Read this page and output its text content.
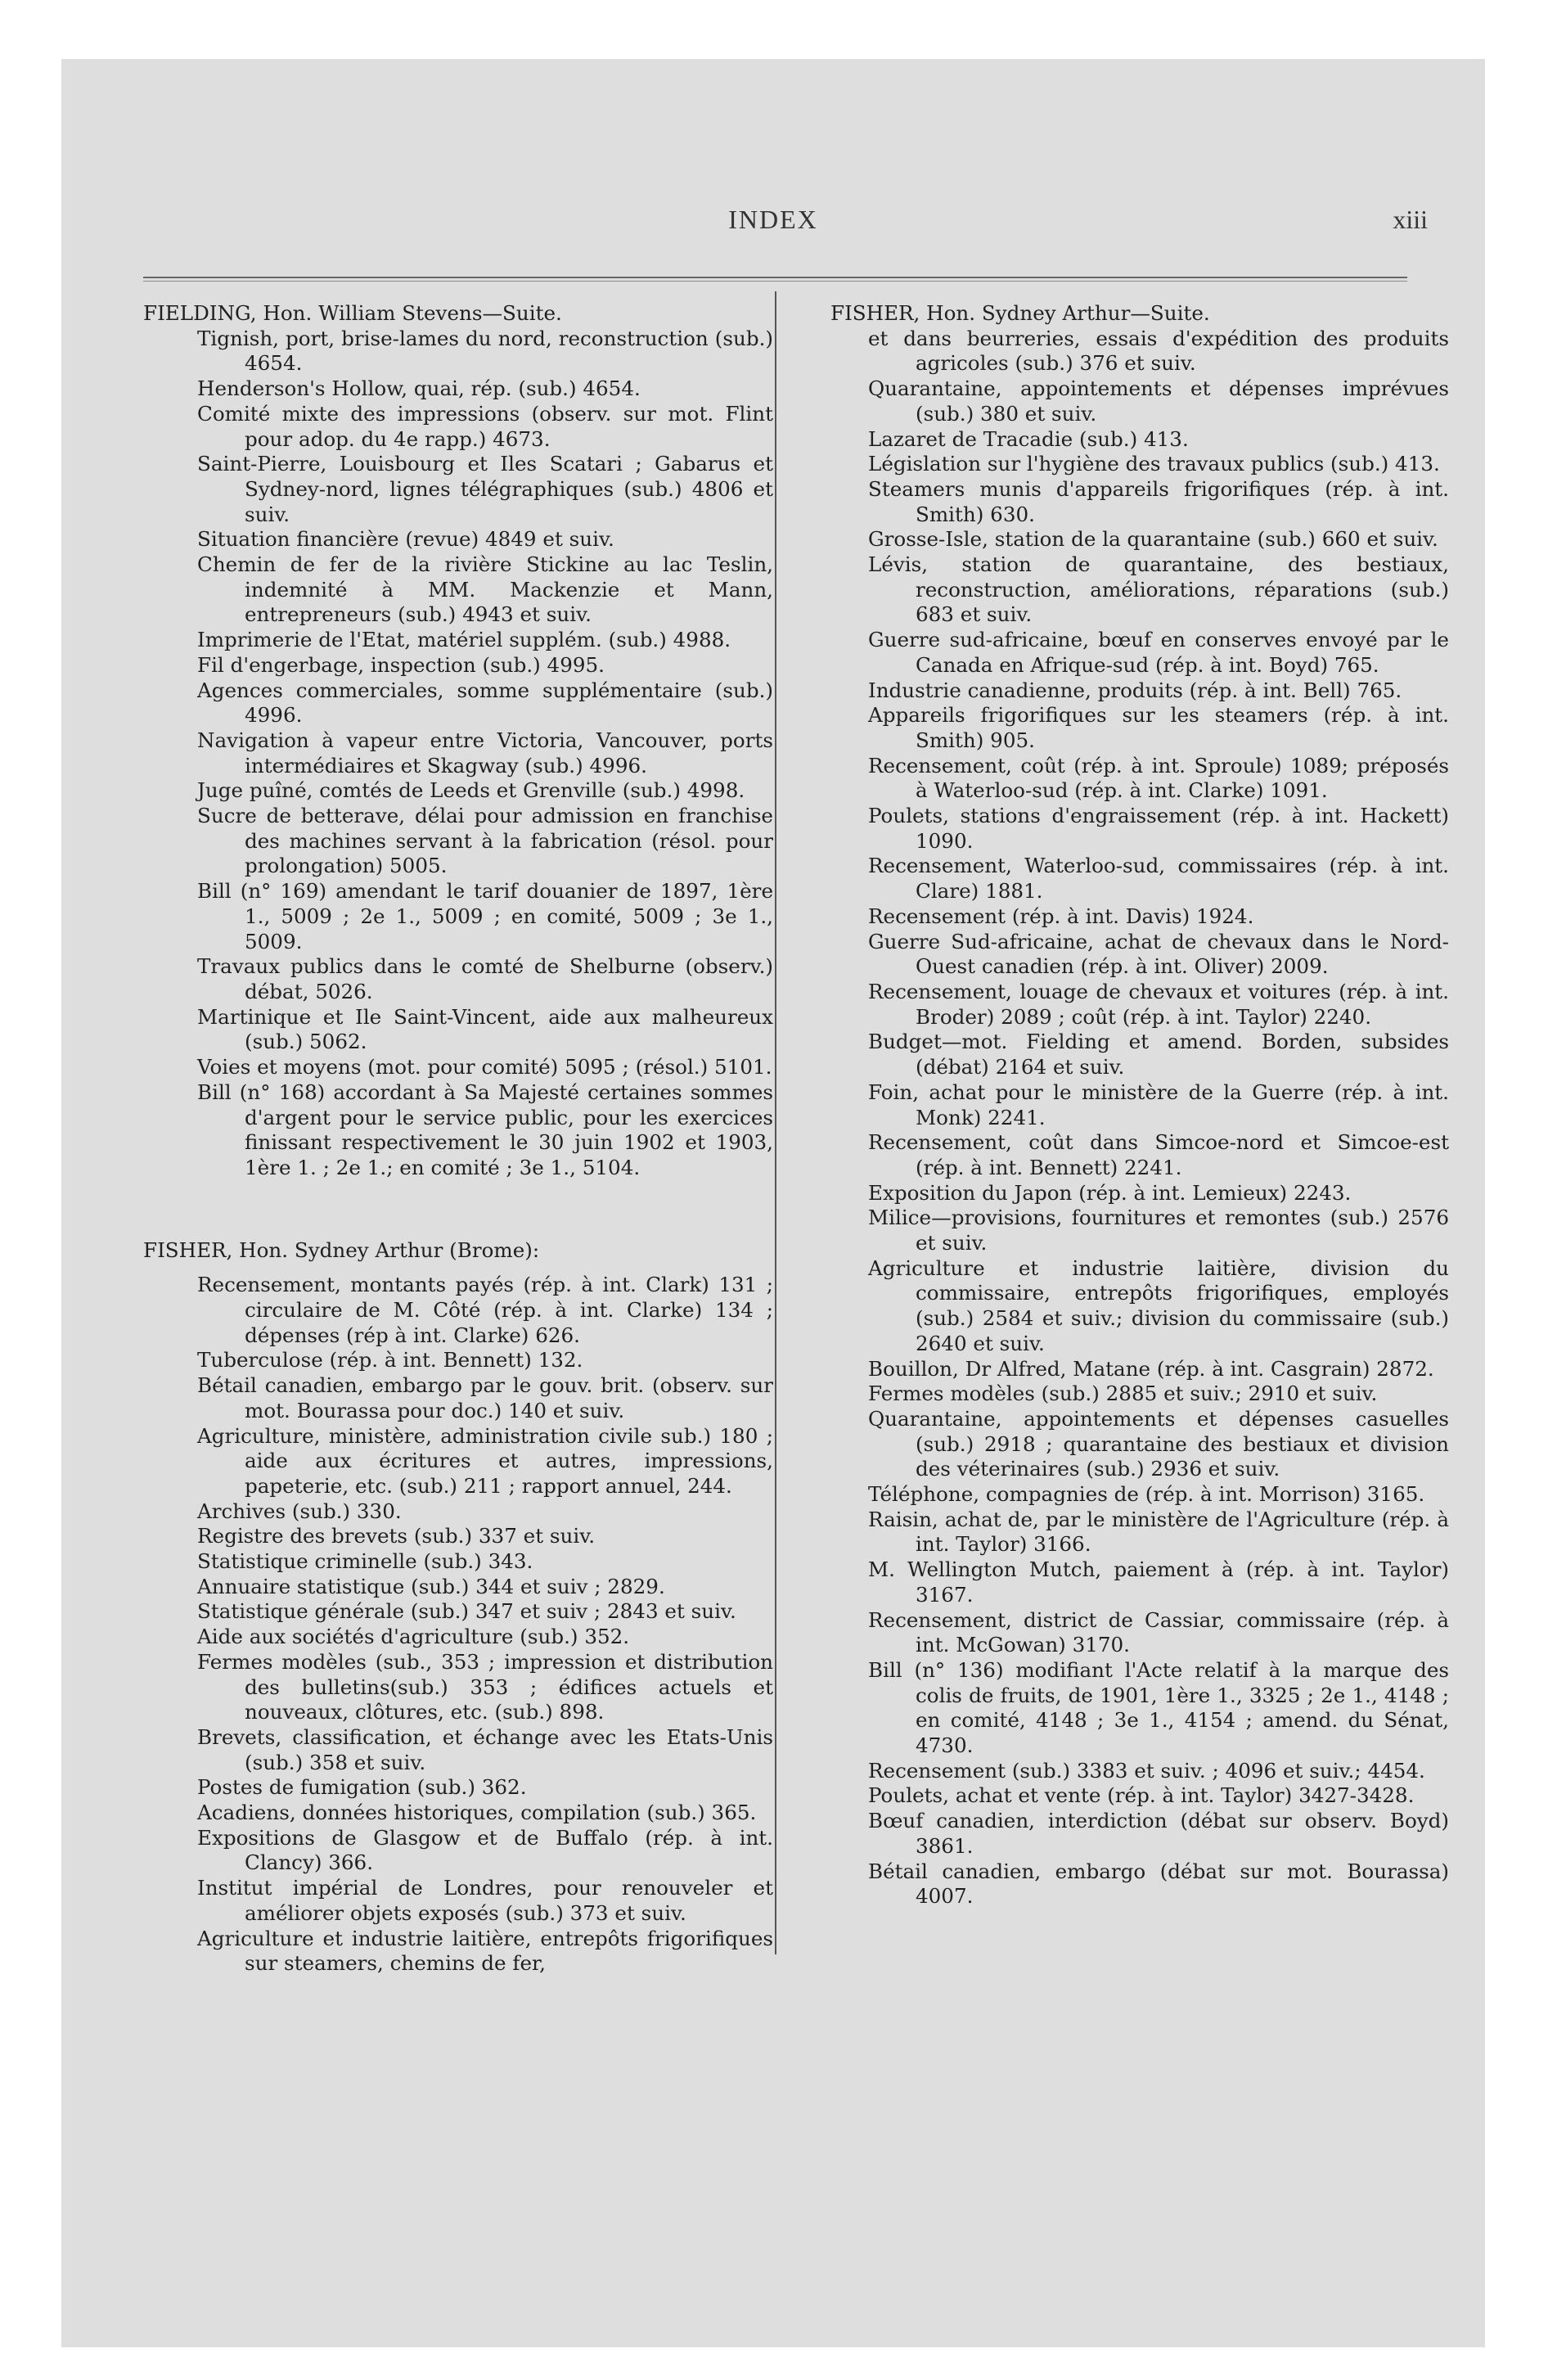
INDEX	xiii

FIELDING, Hon. William Stevens—Suite.

Tignish, port, brise-lames du nord, reconstruction (sub.) 4654.

Henderson's Hollow, quai, rép. (sub.) 4654.

Comité mixte des impressions (observ. sur mot. Flint pour adop. du 4e rapp.) 4673.

Saint-Pierre, Louisbourg et Iles Scatari ; Gabarus et Sydney-nord, lignes télégraphiques (sub.) 4806 et suiv.

Situation financière (revue) 4849 et suiv.

Chemin de fer de la rivière Stickine au lac Teslin, indemnité à MM. Mackenzie et Mann, entrepreneurs (sub.) 4943 et suiv.

Imprimerie de l'Etat, matériel supplém. (sub.) 4988.

Fil d'engerbage, inspection (sub.) 4995.

Agences commerciales, somme supplémentaire (sub.) 4996.

Navigation à vapeur entre Victoria, Vancouver, ports intermédiaires et Skagway (sub.) 4996.

Juge puîné, comtés de Leeds et Grenville (sub.) 4998.

Sucre de betterave, délai pour admission en franchise des machines servant à la fabrication (résol. pour prolongation) 5005.

Bill (n° 169) amendant le tarif douanier de 1897, 1ère 1., 5009 ; 2e 1., 5009 ; en comité, 5009 ; 3e 1., 5009.

Travaux publics dans le comté de Shelburne (observ.) débat, 5026.

Martinique et Ile Saint-Vincent, aide aux malheureux (sub.) 5062.

Voies et moyens (mot. pour comité) 5095 ; (résol.) 5101.

Bill (n° 168) accordant à Sa Majesté certaines sommes d'argent pour le service public, pour les exercices finissant respectivement le 30 juin 1902 et 1903, 1ère 1. ; 2e 1.; en comité ; 3e 1., 5104.

FISHER, Hon. Sydney Arthur (Brome):

Recensement, montants payés (rép. à int. Clark) 131 ; circulaire de M. Côté (rép. à int. Clarke) 134 ; dépenses (rép à int. Clarke) 626.

Tuberculose (rép. à int. Bennett) 132.

Bétail canadien, embargo par le gouv. brit. (observ. sur mot. Bourassa pour doc.) 140 et suiv.

Agriculture, ministère, administration civile sub.) 180 ; aide aux écritures et autres, impressions, papeterie, etc. (sub.) 211 ; rapport annuel, 244.

Archives (sub.) 330.

Registre des brevets (sub.) 337 et suiv.

Statistique criminelle (sub.) 343.

Annuaire statistique (sub.) 344 et suiv ; 2829.

Statistique générale (sub.) 347 et suiv ; 2843 et suiv.

Aide aux sociétés d'agriculture (sub.) 352.

Fermes modèles (sub., 353 ; impression et distribution des bulletins(sub.) 353 ; édifices actuels et nouveaux, clôtures, etc. (sub.) 898.

Brevets, classification, et échange avec les Etats-Unis (sub.) 358 et suiv.

Postes de fumigation (sub.) 362.

Acadiens, données historiques, compilation (sub.) 365.

Expositions de Glasgow et de Buffalo (rép. à int. Clancy) 366.

Institut impérial de Londres, pour renouveler et améliorer objets exposés (sub.) 373 et suiv.

Agriculture et industrie laitière, entrepôts frigorifiques sur steamers, chemins de fer,

FISHER, Hon. Sydney Arthur—Suite.

et dans beurreries, essais d'expédition des produits agricoles (sub.) 376 et suiv.

Quarantaine, appointements et dépenses imprévues (sub.) 380 et suiv.

Lazaret de Tracadie (sub.) 413.

Législation sur l'hygiène des travaux publics (sub.) 413.

Steamers munis d'appareils frigorifiques (rép. à int. Smith) 630.

Grosse-Isle, station de la quarantaine (sub.) 660 et suiv.

Lévis, station de quarantaine, des bestiaux, reconstruction, améliorations, réparations (sub.) 683 et suiv.

Guerre sud-africaine, bœuf en conserves envoyé par le Canada en Afrique-sud (rép. à int. Boyd) 765.

Industrie canadienne, produits (rép. à int. Bell) 765.

Appareils frigorifiques sur les steamers (rép. à int. Smith) 905.

Recensement, coût (rép. à int. Sproule) 1089; préposés à Waterloo-sud (rép. à int. Clarke) 1091.

Poulets, stations d'engraissement (rép. à int. Hackett) 1090.

Recensement, Waterloo-sud, commissaires (rép. à int. Clare) 1881.

Recensement (rép. à int. Davis) 1924.

Guerre Sud-africaine, achat de chevaux dans le Nord-Ouest canadien (rép. à int. Oliver) 2009.

Recensement, louage de chevaux et voitures (rép. à int. Broder) 2089 ; coût (rép. à int. Taylor) 2240.

Budget—mot. Fielding et amend. Borden, subsides (débat) 2164 et suiv.

Foin, achat pour le ministère de la Guerre (rép. à int. Monk) 2241.

Recensement, coût dans Simcoe-nord et Simcoe-est (rép. à int. Bennett) 2241.

Exposition du Japon (rép. à int. Lemieux) 2243.

Milice—provisions, fournitures et remontes (sub.) 2576 et suiv.

Agriculture et industrie laitière, division du commissaire, entrepôts frigorifiques, employés (sub.) 2584 et suiv.; division du commissaire (sub.) 2640 et suiv.

Bouillon, Dr Alfred, Matane (rép. à int. Casgrain) 2872.

Fermes modèles (sub.) 2885 et suiv.; 2910 et suiv.

Quarantaine, appointements et dépenses casuelles (sub.) 2918 ; quarantaine des bestiaux et division des véterinaires (sub.) 2936 et suiv.

Téléphone, compagnies de (rép. à int. Morrison) 3165.

Raisin, achat de, par le ministère de l'Agriculture (rép. à int. Taylor) 3166.

M. Wellington Mutch, paiement à (rép. à int. Taylor) 3167.

Recensement, district de Cassiar, commissaire (rép. à int. McGowan) 3170.

Bill (n° 136) modifiant l'Acte relatif à la marque des colis de fruits, de 1901, 1ère 1., 3325 ; 2e 1., 4148 ; en comité, 4148 ; 3e 1., 4154 ; amend. du Sénat, 4730.

Recensement (sub.) 3383 et suiv. ; 4096 et suiv.; 4454.

Poulets, achat et vente (rép. à int. Taylor) 3427-3428.

Bœuf canadien, interdiction (débat sur observ. Boyd) 3861.

Bétail canadien, embargo (débat sur mot. Bourassa) 4007.
